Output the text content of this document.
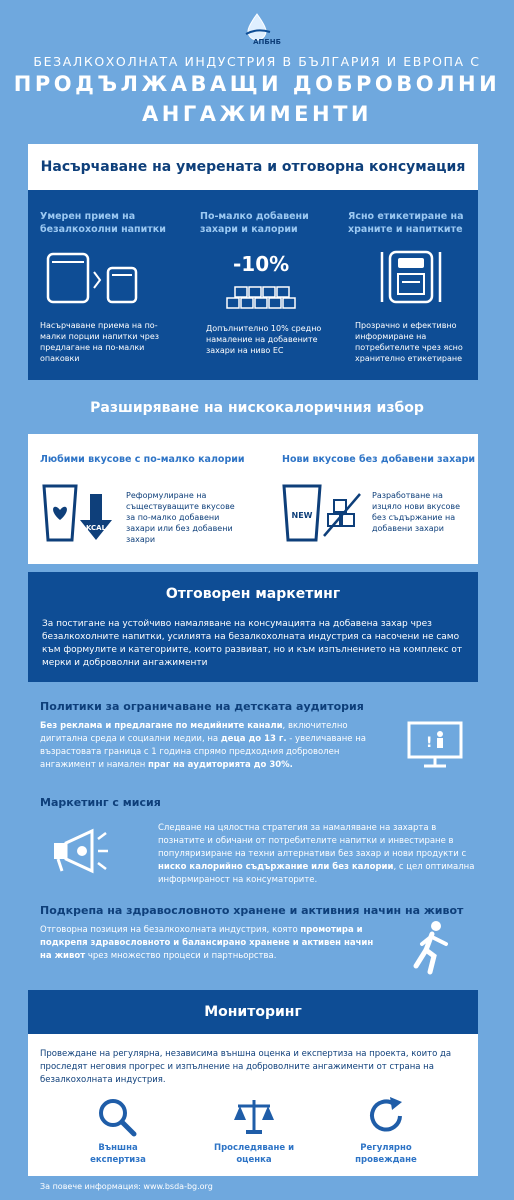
АПБНБ
БЕЗАЛКОХОЛНАТА ИНДУСТРИЯ В БЪЛГАРИЯ И ЕВРОПА С
ПРОДЪЛЖАВАЩИ ДОБРОВОЛНИ
АНГАЖИМЕНТИ
Насърчаване на умерената и отговорна консумация
Умерен прием на безалкохолни напитки
Насърчаване приема на по-малки порции напитки чрез предлагане на по-малки опаковки
По-малко добавени захари и калории
-10%
Допълнително 10% средно намаление на добавените захари на ниво ЕС
Ясно етикетиране на храните и напитките
Прозрачно и ефективно информиране на потребителите чрез ясно хранително етикетиране
Разширяване на нискокалоричния избор
Любими вкусове с по-малко калории
KCAL
Реформулиране на съществуващите вкусове за по-малко добавени захари или без добавени захари
Нови вкусове без добавени захари
NEW
Разработване на изцяло нови вкусове без съдържание на добавени захари
Отговорен маркетинг
За постигане на устойчиво намаляване на консумацията на добавена захар чрез безалкохолните напитки, усилията на безалкохолната индустрия са насочени не само към формулите и категориите, които развиват, но и към изпълнението на комплекс от мерки и доброволни ангажименти
Политики за ограничаване на детската аудитория
Без реклама и предлагане по медийните канали, включително дигитална среда и социални медии, на деца до 13 г. - увеличаване на възрастовата граница с 1 година спрямо предходния доброволен ангажимент и намален праг на аудиторията до 30%.
!
Маркетинг с мисия
Следване на цялостна стратегия за намаляване на захарта в познатите и обичани от потребителите напитки и инвестиране в популяризиране на техни алтернативи без захар и нови продукти с ниско калорийно съдържание или без калории, с цел оптимална информираност на консуматорите.
Подкрепа на здравословното хранене и активния начин на живот
Отговорна позиция на безалкохолната индустрия, която промотира и подкрепя здравословното и балансирано хранене и активен начин на живот чрез множество процеси и партньорства.
Мониторинг
Провеждане на регулярна, независима външна оценка и експертиза на проекта, които да проследят неговия прогрес и изпълнение на доброволните ангажименти от страна на безалкохолната индустрия.
Външна
експертиза
Проследяване и
оценка
Регулярно
провеждане
За повече информация: www.bsda-bg.org
